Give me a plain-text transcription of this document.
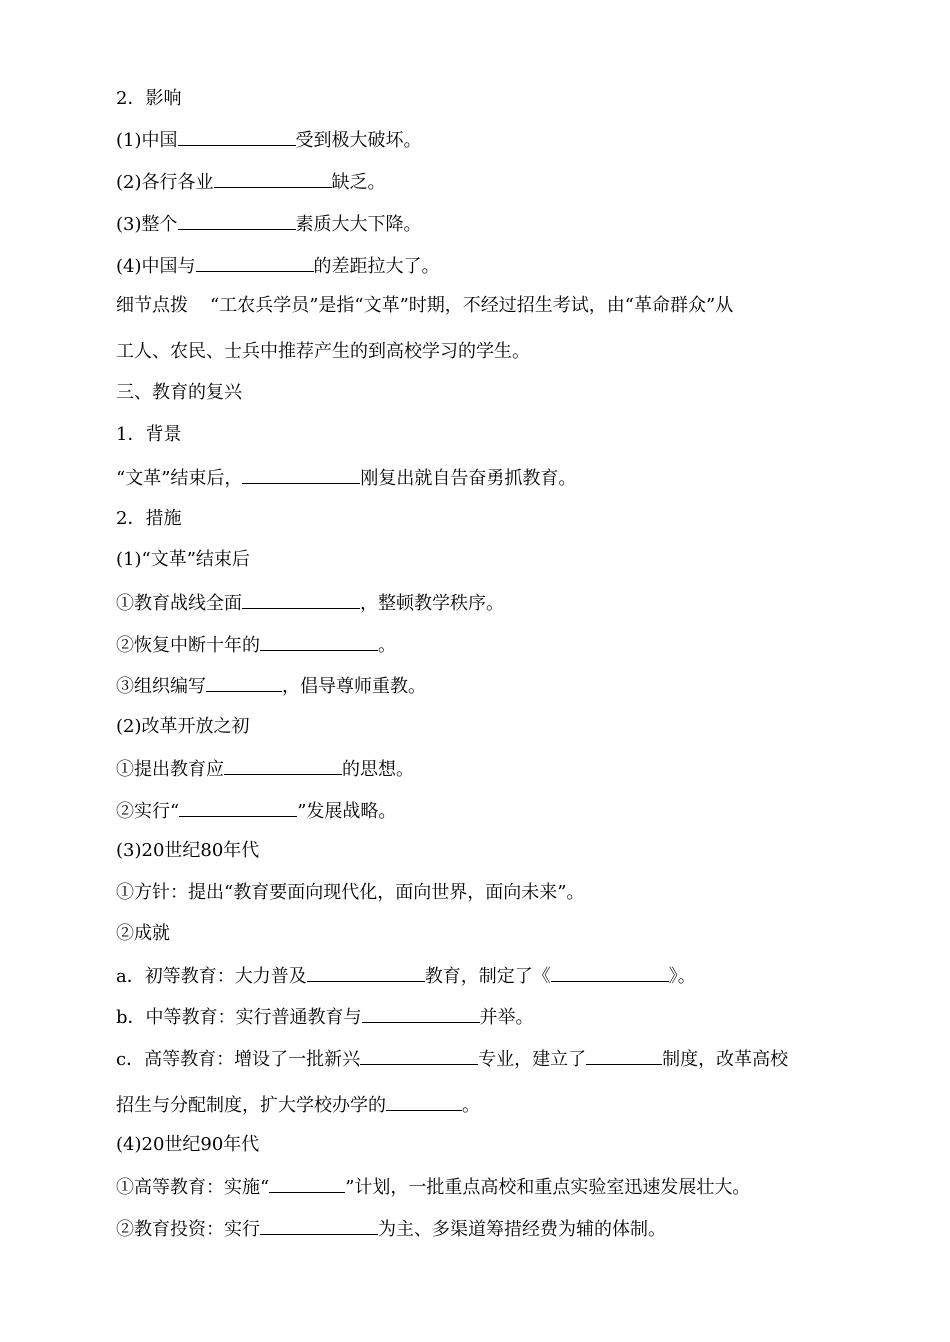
2．影响
(1)中国	受到极大破坏。
(2)各行各业	缺乏。
(3)整个	素质大大下降。
(4)中国与	的差距拉大了。
细节点拨 “工农兵学员”是指“文革”时期，不经过招生考试，由“革命群众”从
工人、农民、士兵中推荐产生的到高校学习的学生。
三、教育的复兴
1．背景
“文革”结束后，	刚复出就自告奋勇抓教育。
2．措施
(1)“文革”结束后
①教育战线全面	，整顿教学秩序。
②恢复中断十年的	。
③组织编写	，倡导尊师重教。
(2)改革开放之初
①提出教育应	的思想。
②实行“	”发展战略。
(3)20世纪80年代
①方针：提出“教育要面向现代化，面向世界，面向未来”。
②成就
a．初等教育：大力普及	教育，制定了《	》。
b．中等教育：实行普通教育与	并举。
c．高等教育：增设了一批新兴	专业，建立了	制度，改革高校
招生与分配制度，扩大学校办学的	。
(4)20世纪90年代
①高等教育：实施“	”计划，一批重点高校和重点实验室迅速发展壮大。
②教育投资：实行	为主、多渠道筹措经费为辅的体制。
